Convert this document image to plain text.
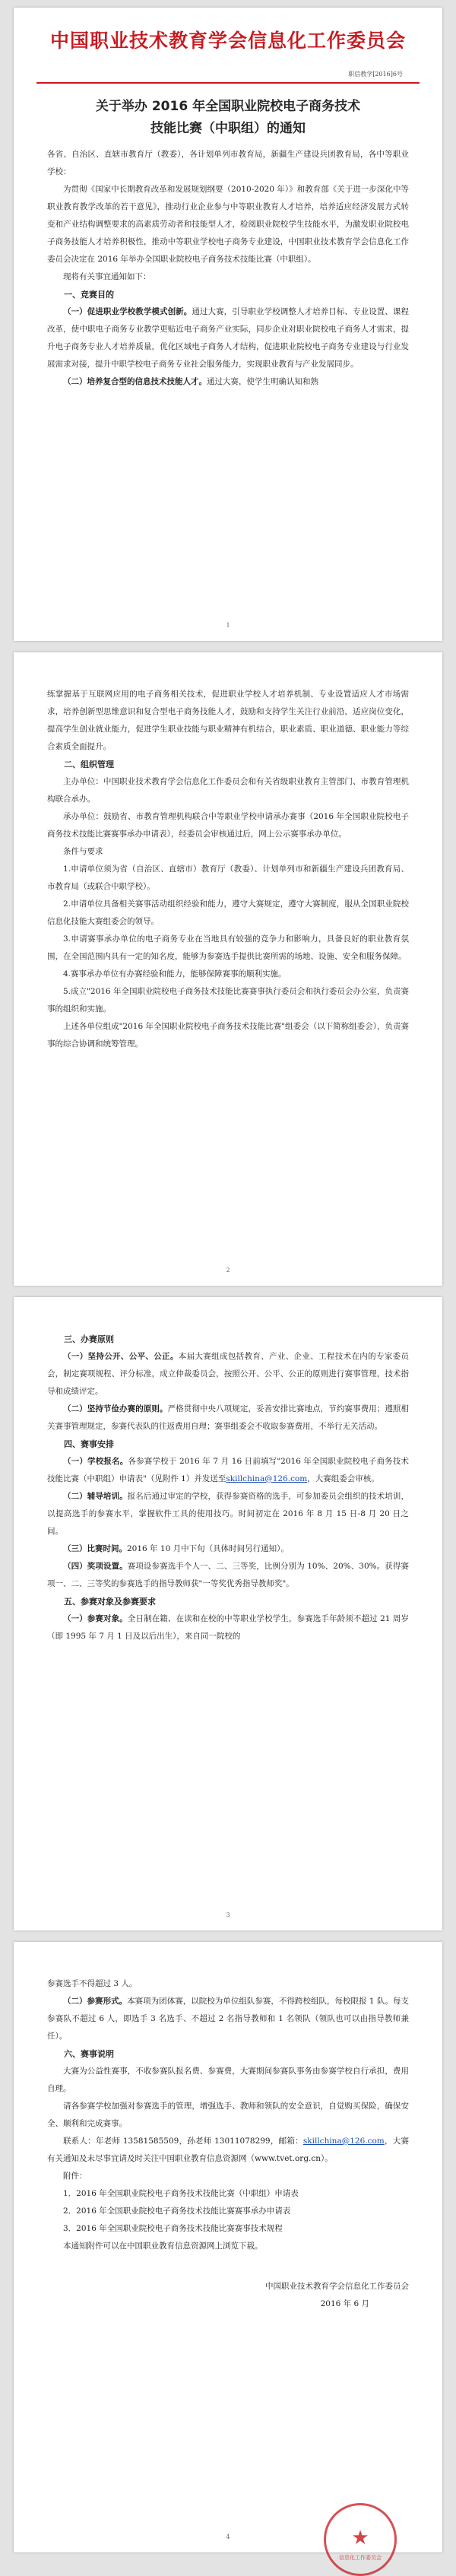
中国职业技术教育学会信息化工作委员会
职信教学[2016]6号
关于举办 2016 年全国职业院校电子商务技术
技能比赛（中职组）的通知

各省、自治区、直辖市教育厅（教委），各计划单列市教育局，新疆生产建设兵团教育局，各中等职业学校：

为贯彻《国家中长期教育改革和发展规划纲要（2010-2020 年）》和教育部《关于进一步深化中等职业教育教学改革的若干意见》，推动行业企业参与中等职业教育人才培养，培养适应经济发展方式转变和产业结构调整要求的高素质劳动者和技能型人才，检阅职业院校学生技能水平，为激发职业院校电子商务技能人才培养积极性，推动中等职业学校电子商务专业建设，中国职业技术教育学会信息化工作委员会决定在 2016 年举办全国职业院校电子商务技术技能比赛（中职组）。

现将有关事宜通知如下：

一、竞赛目的

（一）促进职业学校教学模式创新。通过大赛，引导职业学校调整人才培养目标、专业设置、课程改革，使中职电子商务专业教学更贴近电子商务产业实际，同步企业对职业院校电子商务人才需求，提升电子商务专业人才培养质量，优化区域电子商务人才结构，促进职业院校电子商务专业建设与行业发展需求对接，提升中职学校电子商务专业社会服务能力，实现职业教育与产业发展同步。

（二）培养复合型的信息技术技能人才。通过大赛，使学生明确认知和熟

1

练掌握基于互联网应用的电子商务相关技术，促进职业学校人才培养机制、专业设置适应人才市场需求，培养创新型思维意识和复合型电子商务技能人才，鼓励和支持学生关注行业前沿，适应岗位变化，提高学生创业就业能力，促进学生职业技能与职业精神有机结合，职业素质、职业道德、职业能力等综合素质全面提升。

二、组织管理

主办单位：中国职业技术教育学会信息化工作委员会和有关省级职业教育主管部门、市教育管理机构联合承办。

承办单位：鼓励省、市教育管理机构联合中等职业学校申请承办赛事（2016 年全国职业院校电子商务技术技能比赛赛事承办申请表），经委员会审核通过后，网上公示赛事承办单位。

条件与要求

1.申请单位须为省（自治区、直辖市）教育厅（教委）、计划单列市和新疆生产建设兵团教育局、市教育局（或联合中职学校）。

2.申请单位具备相关赛事活动组织经验和能力，遵守大赛规定，遵守大赛制度，服从全国职业院校信息化技能大赛组委会的领导。

3.申请赛事承办单位的电子商务专业在当地具有较强的竞争力和影响力，具备良好的职业教育氛围，在全国范围内具有一定的知名度，能够为参赛选手提供比赛所需的场地、设施、安全和服务保障。

4.赛事承办单位有办赛经验和能力，能够保障赛事的顺利实施。

5.成立"2016 年全国职业院校电子商务技术技能比赛赛事执行委员会和执行委员会办公室，负责赛事的组织和实施。

上述各单位组成"2016 年全国职业院校电子商务技术技能比赛"组委会（以下简称组委会），负责赛事的综合协调和统筹管理。

2
三、办赛原则

（一）坚持公开、公平、公正。本届大赛组成包括教育、产业、企业、工程技术在内的专家委员会，制定赛项规程、评分标准，成立仲裁委员会，按照公开、公平、公正的原则进行赛事管理，技术指导和成绩评定。

（二）坚持节俭办赛的原则。严格贯彻中央八项规定，妥善安排比赛地点，节约赛事费用；遵照相关赛事管理规定，参赛代表队的往返费用自理；赛事组委会不收取参赛费用，不举行无关活动。

四、赛事安排

（一）学校报名。各参赛学校于 2016 年 7 月 16 日前填写"2016 年全国职业院校电子商务技术技能比赛（中职组）申请表"（见附件 1）并发送至skillchina@126.com，大赛组委会审核。

（二）辅导培训。报名后通过审定的学校，获得参赛资格的选手，可参加委员会组织的技术培训，以提高选手的参赛水平，掌握软件工具的使用技巧。时间初定在 2016 年 8 月 15 日-8 月 20 日之间。

（三）比赛时间。2016 年 10 月中下旬（具体时间另行通知）。

（四）奖项设置。赛项设参赛选手个人一、二、三等奖，比例分别为 10%、20%、30%。获得赛项一、二、三等奖的参赛选手的指导教师获"一等奖优秀指导教师奖"。

五、参赛对象及参赛要求

（一）参赛对象。全日制在籍、在读和在校的中等职业学校学生，参赛选手年龄须不超过 21 周岁（即 1995 年 7 月 1 日及以后出生），来自同一院校的

3

参赛选手不得超过 3 人。

（二）参赛形式。本赛项为团体赛，以院校为单位组队参赛，不得跨校组队，每校限报 1 队。每支参赛队不超过 6 人，即选手 3 名选手、不超过 2 名指导教师和 1 名领队（领队也可以由指导教师兼任）。

六、赛事说明

大赛为公益性赛事，不收参赛队报名费、参赛费，大赛期间参赛队事务由参赛学校自行承担，费用自理。

请各参赛学校加强对参赛选手的管理，增强选手、教师和领队的安全意识，自觉购买保险，确保安全、顺利和完成赛事。

联系人：年老师 13581585509，孙老师 13011078299，邮箱：skillchina@126.com，大赛有关通知及未尽事宜请及时关注中国职业教育信息资源网（www.tvet.org.cn）。

附件：

1．2016 年全国职业院校电子商务技术技能比赛（中职组）申请表

2．2016 年全国职业院校电子商务技术技能比赛赛事承办申请表

3．2016 年全国职业院校电子商务技术技能比赛赛事技术规程

本通知附件可以在中国职业教育信息资源网上浏览下载。

中国职业技术教育学会信息化工作委员会
2016 年 6 月
★
信息化工作委员会
4
